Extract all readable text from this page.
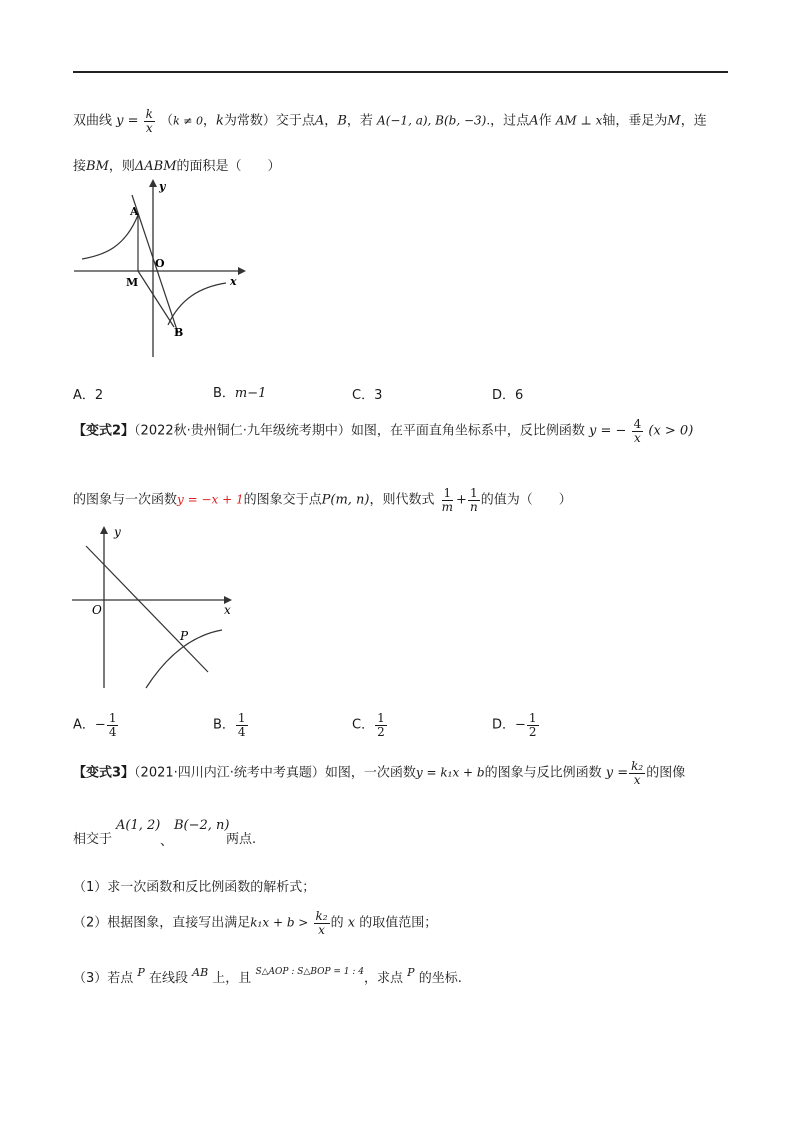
双曲线 $y = \frac{k}{x} (k \ne 0$，k为常数）交于点A，B，若 A(−1, a), B(b, −3).，过点A作 AM ⊥ x轴，垂足为M，连
接BM，则ΔABM的面积是（　　）
y
x
O
A
M
B
A．2	B．m−1	C．3	D．6
【变式2】（2022秋·贵州铜仁·九年级统考期中）如图，在平面直角坐标系中，反比例函数 y = − $\frac{4}{x} (x > 0)$
的图象与一次函数y = −x + 1的图象交于点P(m, n)，则代数式 $\frac{1}{m} + \frac{1}{n}$ 的值为（　　）
y
x
O
P
A．− $\frac{1}{4}$	B． $\frac{1}{4}$	C． $\frac{1}{2}$	D．− $\frac{1}{2}$
【变式3】（2021·四川内江·统考中考真题）如图，一次函数y = k₁x + b的图象与反比例函数 $y = \frac{\text{k₂}}{x}$ 的图像
相交于
A(1, 2)
、
B(−2, n)
两点.
（1）求一次函数和反比例函数的解析式；
（2）根据图象，直接写出满足$k_1x + b > \frac{\text{k₂}}{x}$ 的 x 的取值范围；
（3）若点 $^P$ 在线段 $^{AB}$ 上，且 $^{S\triangle AOP : S\triangle BOP = 1 : 4}$，求点 $^P$ 的坐标.
